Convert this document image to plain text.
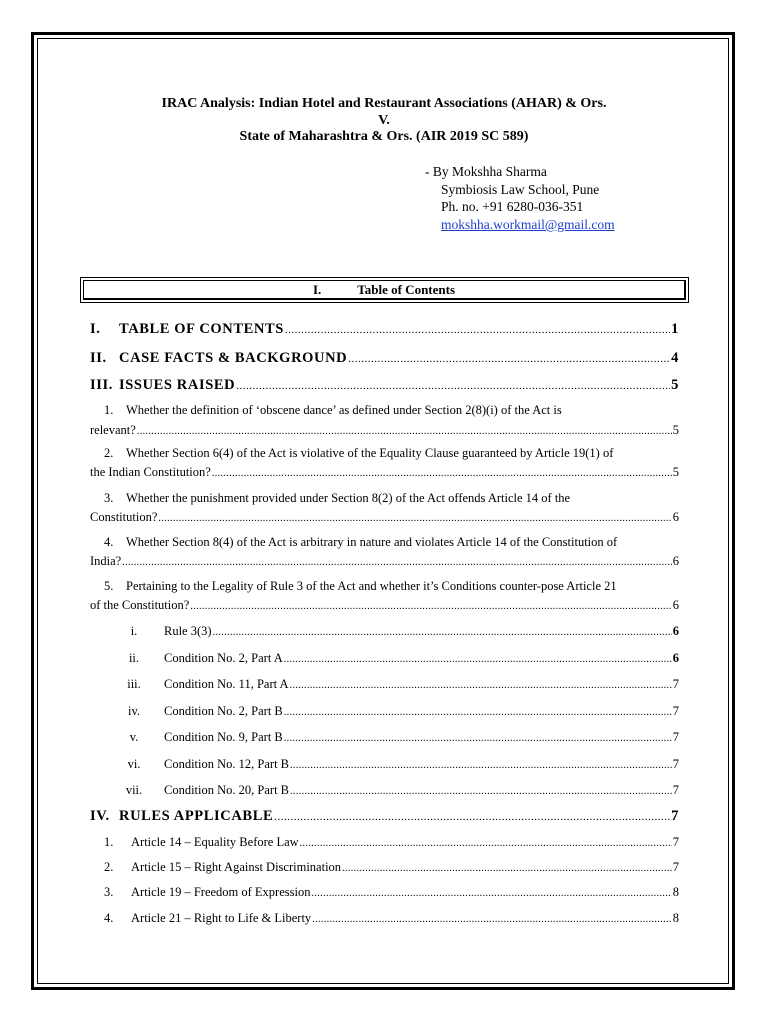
IRAC Analysis: Indian Hotel and Restaurant Associations (AHAR) & Ors.
V.
State of Maharashtra & Ors. (AIR 2019 SC 589)
- By Mokshha Sharma
Symbiosis Law School, Pune
Ph. no. +91 6280-036-351
mokshha.workmail@gmail.com
I.	Table of Contents
I.	TABLE OF CONTENTS .....	1
II. CASE FACTS & BACKGROUND .....	4
III. ISSUES RAISED .....	5
1. Whether the definition of ‘obscene dance’ as defined under Section 2(8)(i) of the Act is
relevant? .....	5
2. Whether Section 6(4) of the Act is violative of the Equality Clause guaranteed by Article 19(1) of
the Indian Constitution? .....	5
3. Whether the punishment provided under Section 8(2) of the Act offends Article 14 of the
Constitution? .....	6
4. Whether Section 8(4) of the Act is arbitrary in nature and violates Article 14 of the Constitution of
India? .....	6
5. Pertaining to the Legality of Rule 3 of the Act and whether it’s Conditions counter-pose Article 21
of the Constitution? .....	6
i.	Rule 3(3) .....	6
ii.	Condition No. 2, Part A .....	6
iii.	Condition No. 11, Part A .....	7
iv.	Condition No. 2, Part B .....	7
v.	Condition No. 9, Part B .....	7
vi.	Condition No. 12, Part B .....	7
vii.	Condition No. 20, Part B .....	7
IV. RULES APPLICABLE .....	7
1.	Article 14 – Equality Before Law .....	7
2.	Article 15 – Right Against Discrimination .....	7
3.	Article 19 – Freedom of Expression .....	8
4.	Article 21 – Right to Life & Liberty .....	8
